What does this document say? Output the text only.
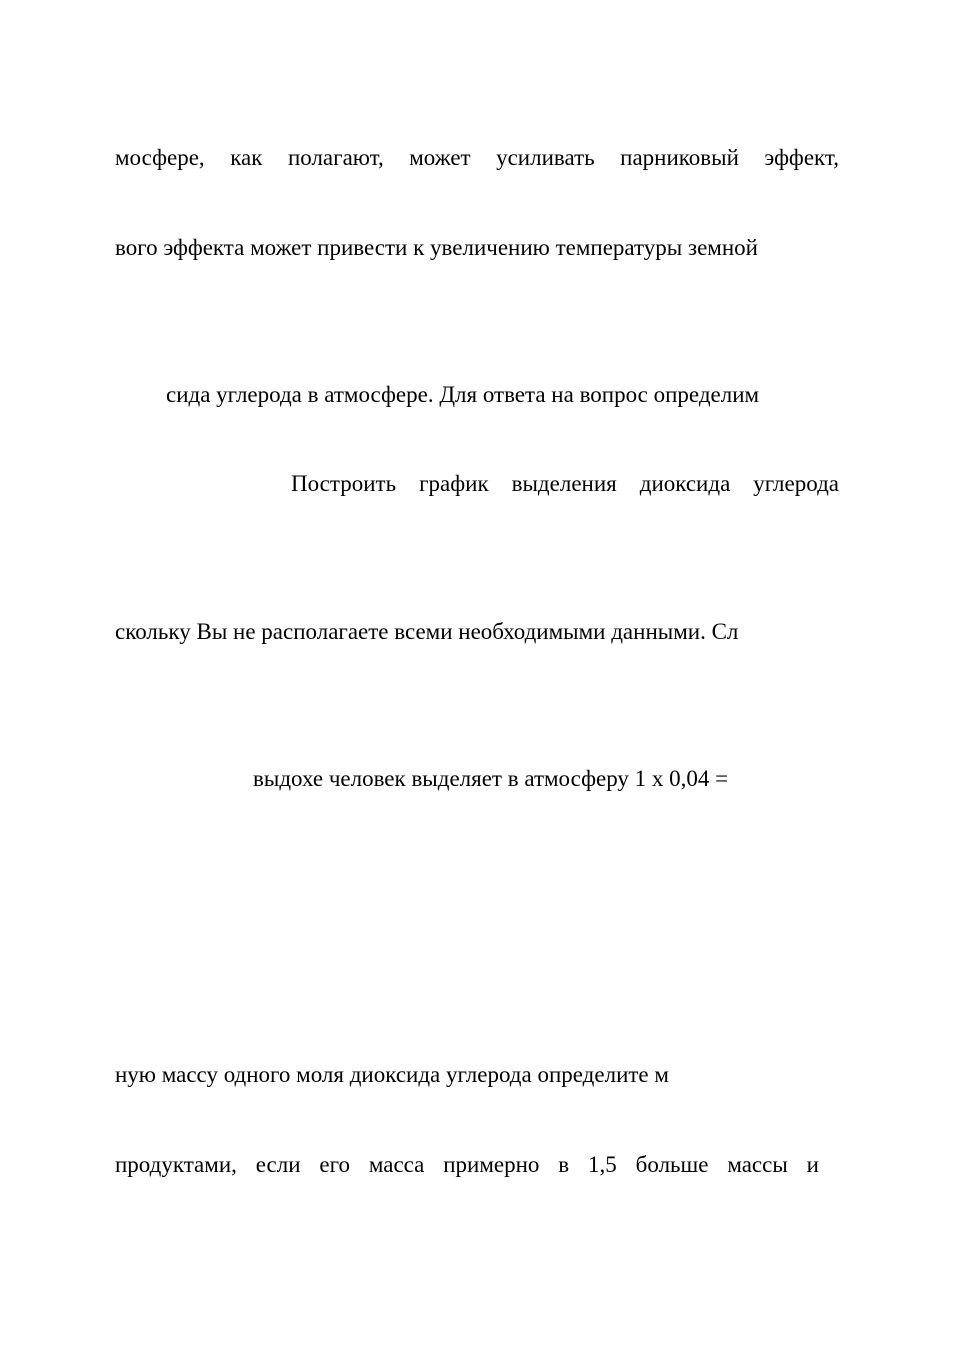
мосфере, как полагают, может усиливать парниковый эффект,
вого эффекта может привести к увеличению температуры земной
сида углерода в атмосфере. Для ответа на вопрос определим
Построить график выделения диоксида углерода
скольку Вы не располагаете всеми необходимыми данными. Сл
выдохе человек выделяет в атмосферу 1 х 0,04 =
ную массу одного моля диоксида углерода определите м
продуктами, если его масса примерно в 1,5 больше массы и
